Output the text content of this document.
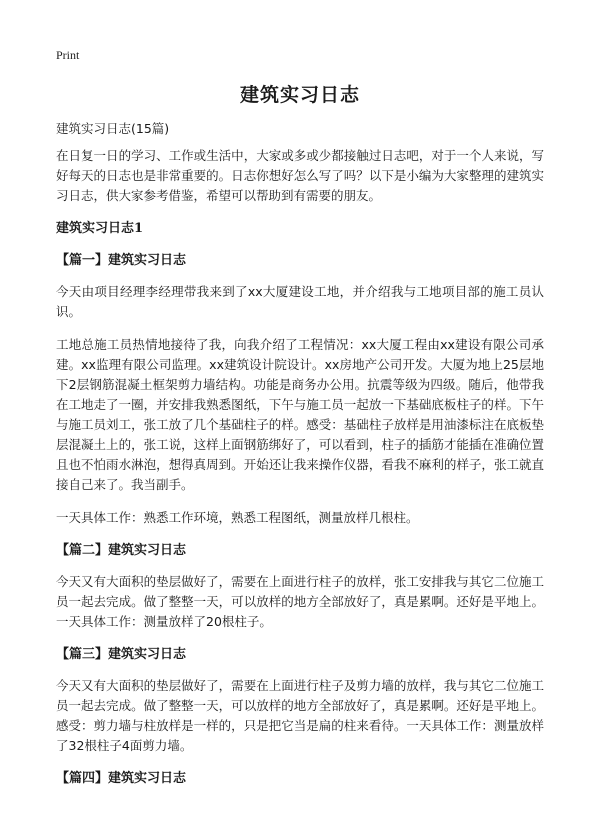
Print
建筑实习日志
建筑实习日志(15篇)

在日复一日的学习、工作或生活中，大家或多或少都接触过日志吧，对于一个人来说，写好每天的日志也是非常重要的。日志你想好怎么写了吗？以下是小编为大家整理的建筑实习日志，供大家参考借鉴，希望可以帮助到有需要的朋友。

建筑实习日志1
【篇一】建筑实习日志

今天由项目经理李经理带我来到了xx大厦建设工地，并介绍我与工地项目部的施工员认识。

工地总施工员热情地接待了我，向我介绍了工程情况：xx大厦工程由xx建设有限公司承建。xx监理有限公司监理。xx建筑设计院设计。xx房地产公司开发。大厦为地上25层地下2层钢筋混凝土框架剪力墙结构。功能是商务办公用。抗震等级为四级。随后，他带我在工地走了一圈，并安排我熟悉图纸，下午与施工员一起放一下基础底板柱子的样。下午与施工员刘工，张工放了几个基础柱子的样。感受：基础柱子放样是用油漆标注在底板垫层混凝土上的，张工说，这样上面钢筋绑好了，可以看到，柱子的插筋才能插在准确位置且也不怕雨水淋泡，想得真周到。开始还让我来操作仪器，看我不麻利的样子，张工就直接自己来了。我当副手。

一天具体工作：熟悉工作环境，熟悉工程图纸，测量放样几根柱。

【篇二】建筑实习日志

今天又有大面积的垫层做好了，需要在上面进行柱子的放样，张工安排我与其它二位施工员一起去完成。做了整整一天，可以放样的地方全部放好了，真是累啊。还好是平地上。一天具体工作：测量放样了20根柱子。

【篇三】建筑实习日志

今天又有大面积的垫层做好了，需要在上面进行柱子及剪力墙的放样，我与其它二位施工员一起去完成。做了整整一天，可以放样的地方全部放好了，真是累啊。还好是平地上。感受：剪力墙与柱放样是一样的，只是把它当是扁的柱来看待。一天具体工作：测量放样了32根柱子4面剪力墙。

【篇四】建筑实习日志
